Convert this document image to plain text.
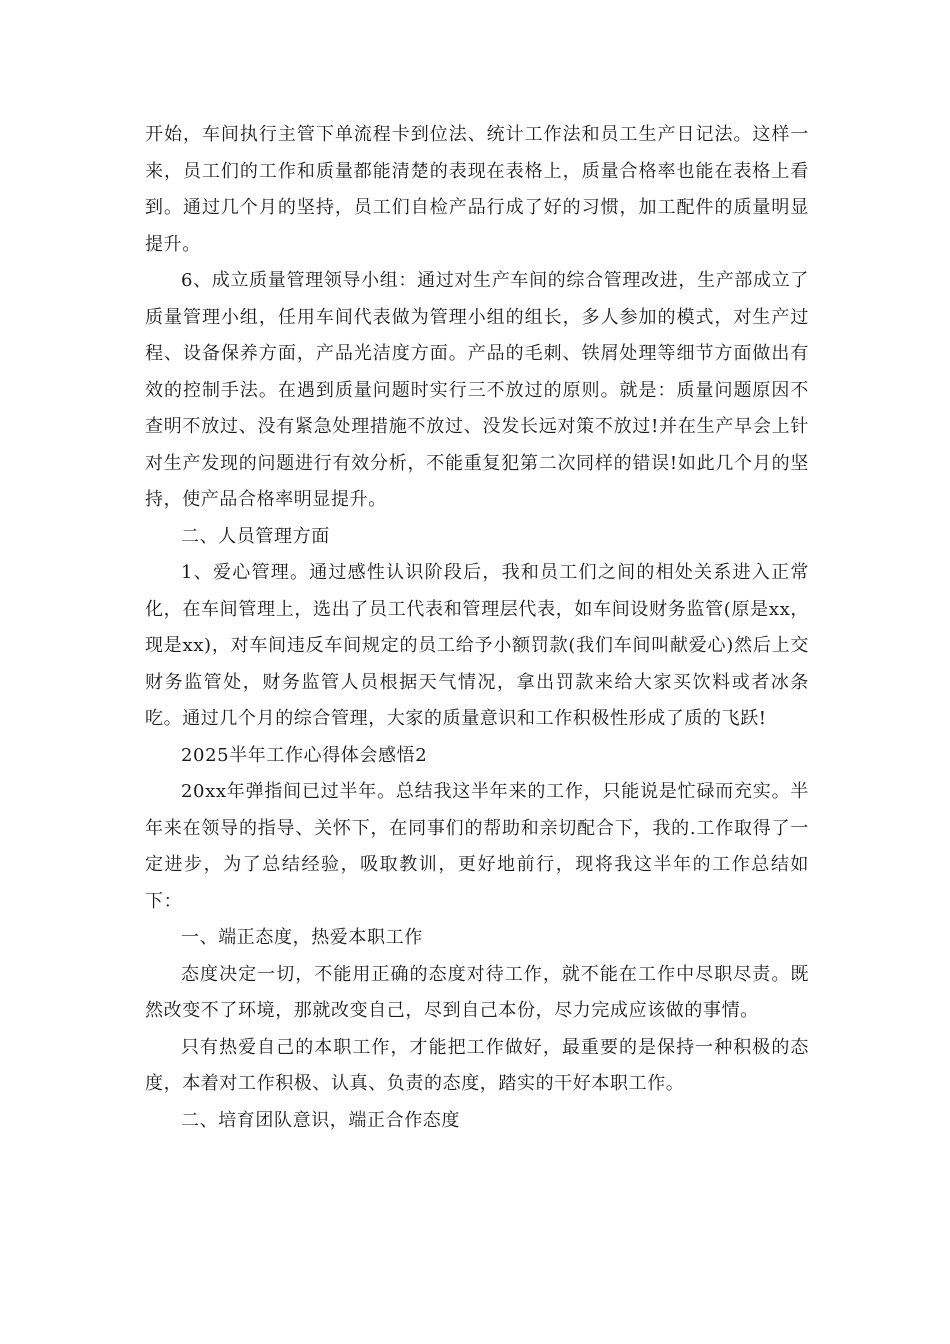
开始，车间执行主管下单流程卡到位法、统计工作法和员工生产日记法。这样一来，员工们的工作和质量都能清楚的表现在表格上，质量合格率也能在表格上看到。通过几个月的坚持，员工们自检产品行成了好的习惯，加工配件的质量明显提升。

6、成立质量管理领导小组：通过对生产车间的综合管理改进，生产部成立了质量管理小组，任用车间代表做为管理小组的组长，多人参加的模式，对生产过程、设备保养方面，产品光洁度方面。产品的毛刺、铁屑处理等细节方面做出有效的控制手法。在遇到质量问题时实行三不放过的原则。就是：质量问题原因不查明不放过、没有紧急处理措施不放过、没发长远对策不放过!并在生产早会上针对生产发现的问题进行有效分析，不能重复犯第二次同样的错误!如此几个月的坚持，使产品合格率明显提升。

二、人员管理方面

1、爱心管理。通过感性认识阶段后，我和员工们之间的相处关系进入正常化，在车间管理上，选出了员工代表和管理层代表，如车间设财务监管(原是xx，现是xx)，对车间违反车间规定的员工给予小额罚款(我们车间叫献爱心)然后上交财务监管处，财务监管人员根据天气情况，拿出罚款来给大家买饮料或者冰条吃。通过几个月的综合管理，大家的质量意识和工作积极性形成了质的飞跃!

2025半年工作心得体会感悟2

20xx年弹指间已过半年。总结我这半年来的工作，只能说是忙碌而充实。半年来在领导的指导、关怀下，在同事们的帮助和亲切配合下，我的.工作取得了一定进步，为了总结经验，吸取教训，更好地前行，现将我这半年的工作总结如下：

一、端正态度，热爱本职工作

态度决定一切，不能用正确的态度对待工作，就不能在工作中尽职尽责。既然改变不了环境，那就改变自己，尽到自己本份，尽力完成应该做的事情。

只有热爱自己的本职工作，才能把工作做好，最重要的是保持一种积极的态度，本着对工作积极、认真、负责的态度，踏实的干好本职工作。

二、培育团队意识，端正合作态度
